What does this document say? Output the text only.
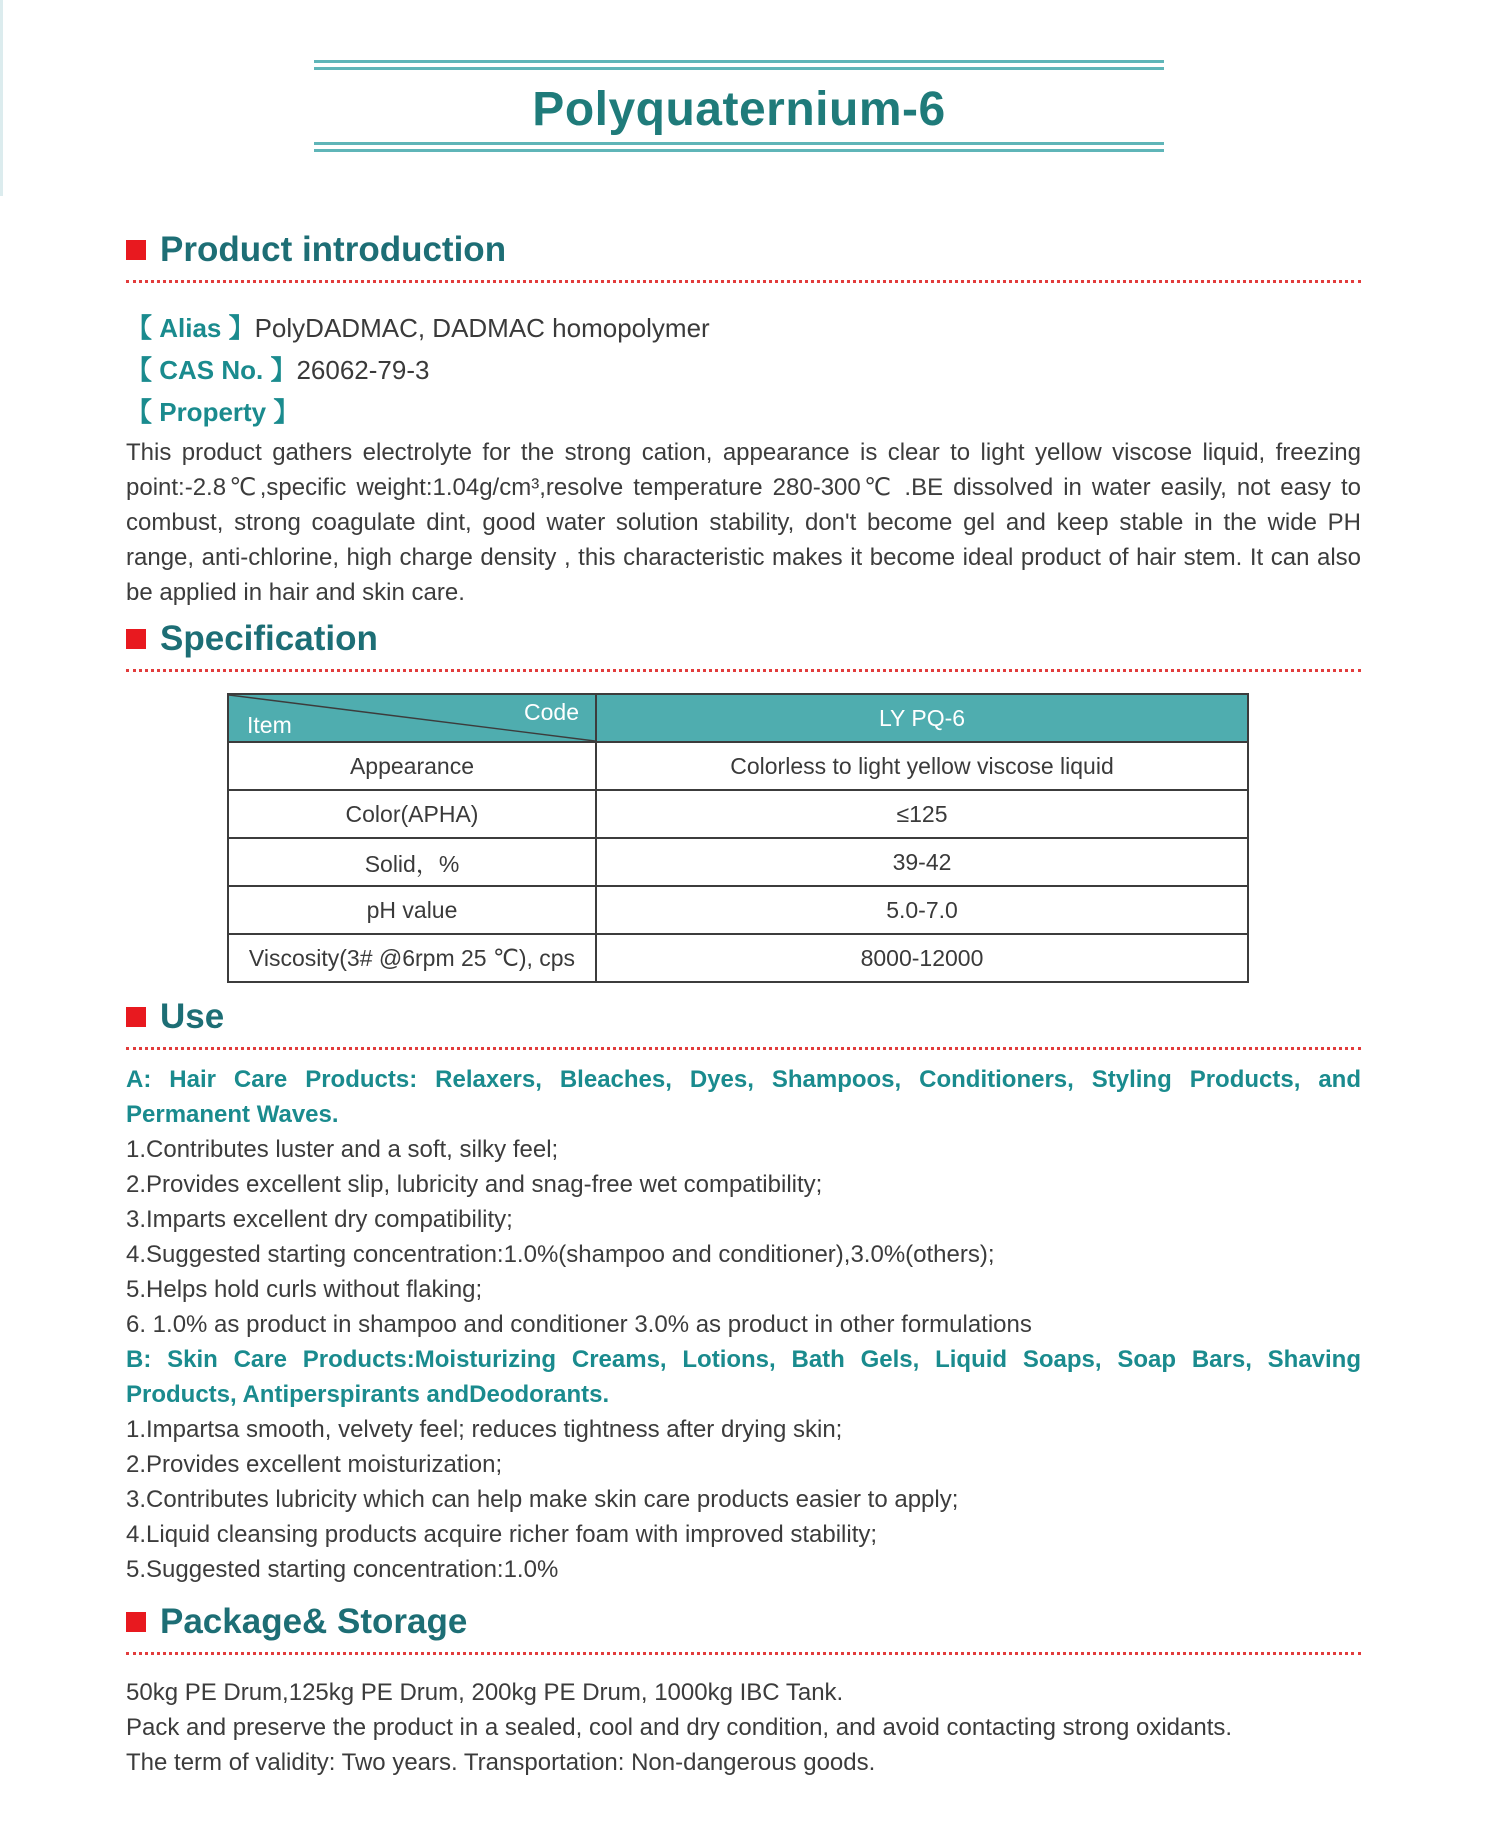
Polyquaternium-6
Product introduction
【 Alias 】PolyDADMAC, DADMAC homopolymer
【 CAS No. 】26062-79-3
【 Property 】
This product gathers electrolyte for the strong cation, appearance is clear to light yellow viscose liquid, freezing point:-2.8℃,specific weight:1.04g/cm³,resolve temperature 280-300℃ .BE dissolved in water easily, not easy to combust, strong coagulate dint, good water solution stability, don't become gel and keep stable in the wide PH range, anti-chlorine, high charge density , this characteristic makes it become ideal product of hair stem. It can also be applied in hair and skin care.
Specification
Code
Item	LY PQ-6
Appearance	Colorless to light yellow viscose liquid
Color(APHA)	≤125
Solid，%	39-42
pH value	5.0-7.0
Viscosity(3# @6rpm 25 ℃), cps	8000-12000
Use
A: Hair Care Products: Relaxers, Bleaches, Dyes, Shampoos, Conditioners, Styling Products, and Permanent Waves.
1.Contributes luster and a soft, silky feel;
2.Provides excellent slip, lubricity and snag-free wet compatibility;
3.Imparts excellent dry compatibility;
4.Suggested starting concentration:1.0%(shampoo and conditioner),3.0%(others);
5.Helps hold curls without flaking;
6. 1.0% as product in shampoo and conditioner 3.0% as product in other formulations
B: Skin Care Products:Moisturizing Creams, Lotions, Bath Gels, Liquid Soaps, Soap Bars, Shaving Products, Antiperspirants andDeodorants.
1.Impartsa smooth, velvety feel; reduces tightness after drying skin;
2.Provides excellent moisturization;
3.Contributes lubricity which can help make skin care products easier to apply;
4.Liquid cleansing products acquire richer foam with improved stability;
5.Suggested starting concentration:1.0%
Package& Storage
50kg PE Drum,125kg PE Drum, 200kg PE Drum, 1000kg IBC Tank.
Pack and preserve the product in a sealed, cool and dry condition, and avoid contacting strong oxidants.
The term of validity: Two years. Transportation: Non-dangerous goods.
